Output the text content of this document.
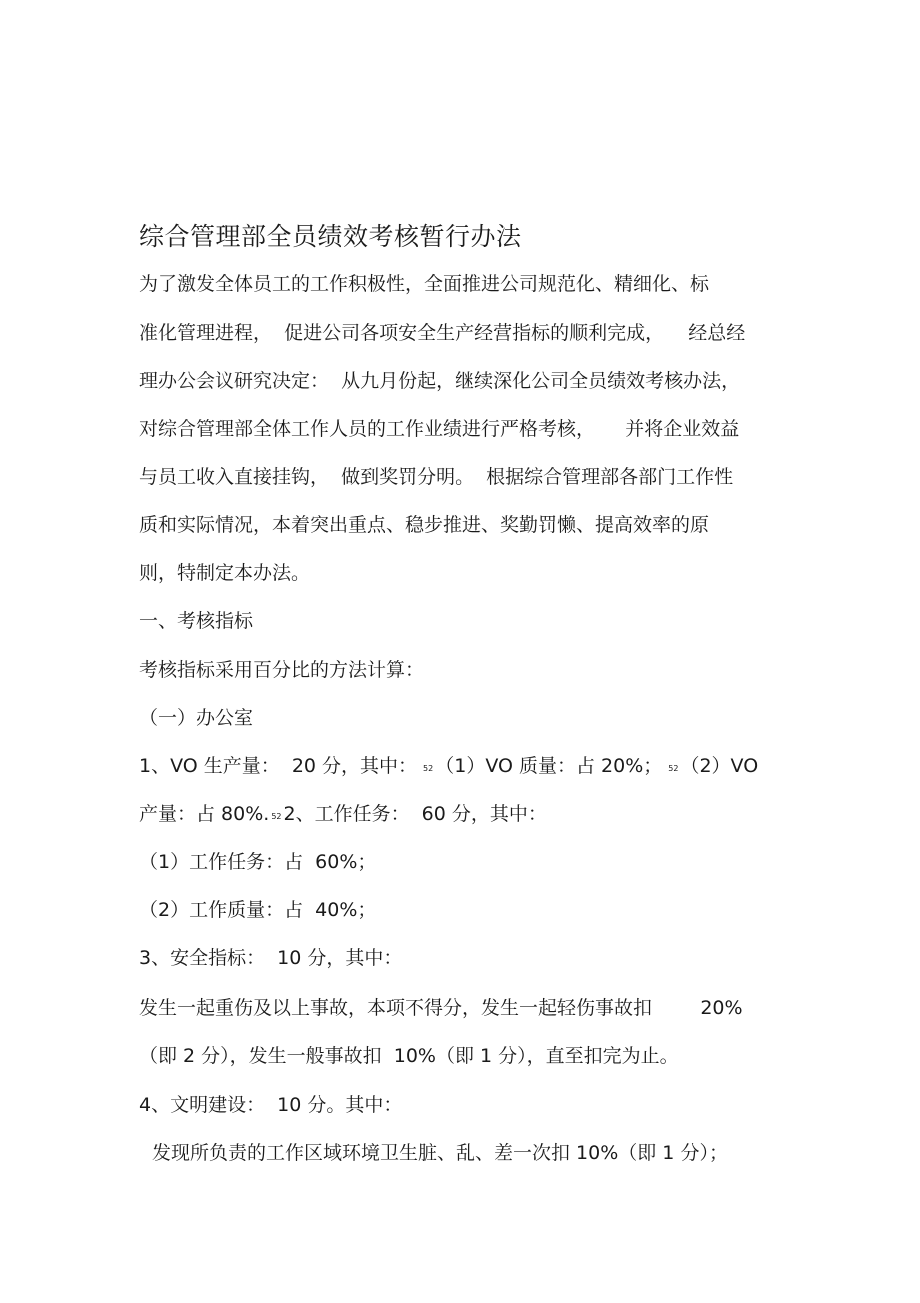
综合管理部全员绩效考核暂行办法
为了激发全体员工的工作积极性，全面推进公司规范化、精细化、标
准化管理进程，  促进公司各项安全生产经营指标的顺利完成，    经总经
理办公会议研究决定：  从九月份起，继续深化公司全员绩效考核办法，
对综合管理部全体工作人员的工作业绩进行严格考核，     并将企业效益
与员工收入直接挂钩，  做到奖罚分明。  根据综合管理部各部门工作性
质和实际情况，本着突出重点、稳步推进、奖勤罚懒、提高效率的原
则，特制定本办法。
一、考核指标
考核指标采用百分比的方法计算：
（一）办公室
1、VO 生产量：  20 分，其中： 52 （1）VO 质量：占 20%； 52 （2）VO
产量：占 80%. 52 2、工作任务：  60 分，其中：
（1）工作任务：占  60%；
（2）工作质量：占  40%；
3、安全指标：  10 分，其中：
发生一起重伤及以上事故，本项不得分，发生一起轻伤事故扣        20%
（即 2 分），发生一般事故扣  10%（即 1 分），直至扣完为止。
4、文明建设：  10 分。其中：
发现所负责的工作区域环境卫生脏、乱、差一次扣 10%（即 1 分）；
